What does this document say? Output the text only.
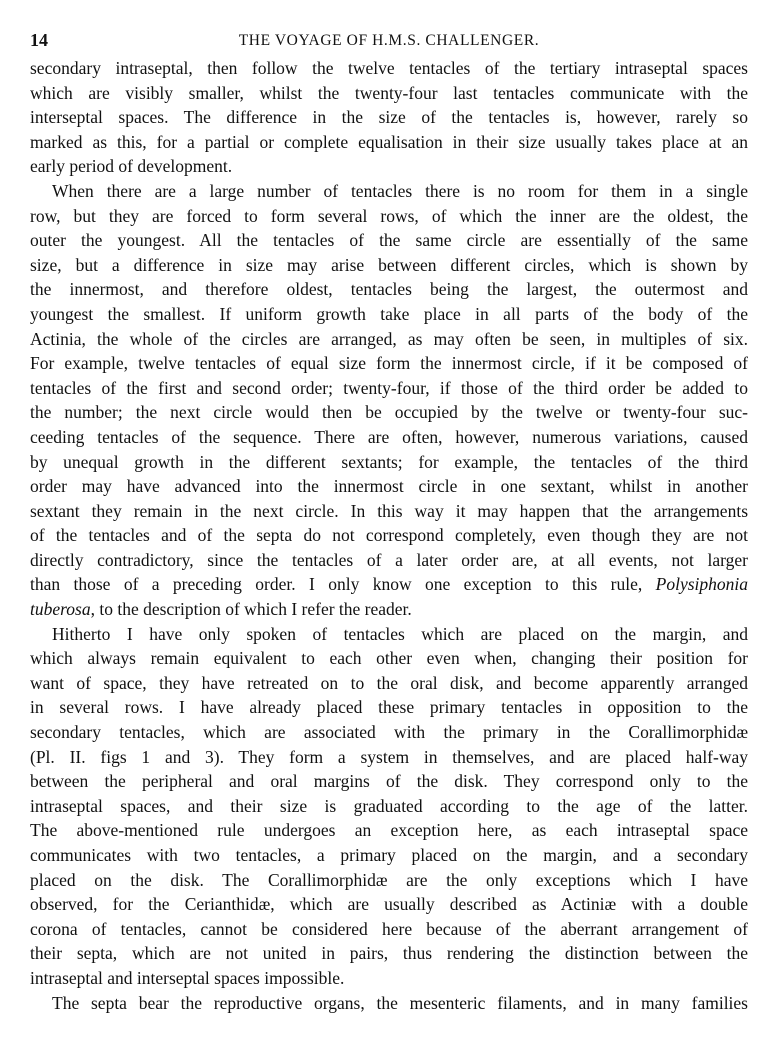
14	THE VOYAGE OF H.M.S. CHALLENGER.
secondary intraseptal, then follow the twelve tentacles of the tertiary intraseptal spaces
which are visibly smaller, whilst the twenty-four last tentacles communicate with the
interseptal spaces. The difference in the size of the tentacles is, however, rarely so
marked as this, for a partial or complete equalisation in their size usually takes place at an
early period of development.
When there are a large number of tentacles there is no room for them in a single
row, but they are forced to form several rows, of which the inner are the oldest, the
outer the youngest. All the tentacles of the same circle are essentially of the same
size, but a difference in size may arise between different circles, which is shown by
the innermost, and therefore oldest, tentacles being the largest, the outermost and
youngest the smallest. If uniform growth take place in all parts of the body of the
Actinia, the whole of the circles are arranged, as may often be seen, in multiples of six.
For example, twelve tentacles of equal size form the innermost circle, if it be composed of
tentacles of the first and second order; twenty-four, if those of the third order be added to
the number; the next circle would then be occupied by the twelve or twenty-four suc-
ceeding tentacles of the sequence. There are often, however, numerous variations, caused
by unequal growth in the different sextants; for example, the tentacles of the third
order may have advanced into the innermost circle in one sextant, whilst in another
sextant they remain in the next circle. In this way it may happen that the arrangements
of the tentacles and of the septa do not correspond completely, even though they are not
directly contradictory, since the tentacles of a later order are, at all events, not larger
than those of a preceding order. I only know one exception to this rule, Polysiphonia
tuberosa, to the description of which I refer the reader.
Hitherto I have only spoken of tentacles which are placed on the margin, and
which always remain equivalent to each other even when, changing their position for
want of space, they have retreated on to the oral disk, and become apparently arranged
in several rows. I have already placed these primary tentacles in opposition to the
secondary tentacles, which are associated with the primary in the Corallimorphidæ
(Pl. II. figs 1 and 3). They form a system in themselves, and are placed half-way
between the peripheral and oral margins of the disk. They correspond only to the
intraseptal spaces, and their size is graduated according to the age of the latter.
The above-mentioned rule undergoes an exception here, as each intraseptal space
communicates with two tentacles, a primary placed on the margin, and a secondary
placed on the disk. The Corallimorphidæ are the only exceptions which I have
observed, for the Cerianthidæ, which are usually described as Actiniæ with a double
corona of tentacles, cannot be considered here because of the aberrant arrangement of
their septa, which are not united in pairs, thus rendering the distinction between the
intraseptal and interseptal spaces impossible.
The septa bear the reproductive organs, the mesenteric filaments, and in many families
